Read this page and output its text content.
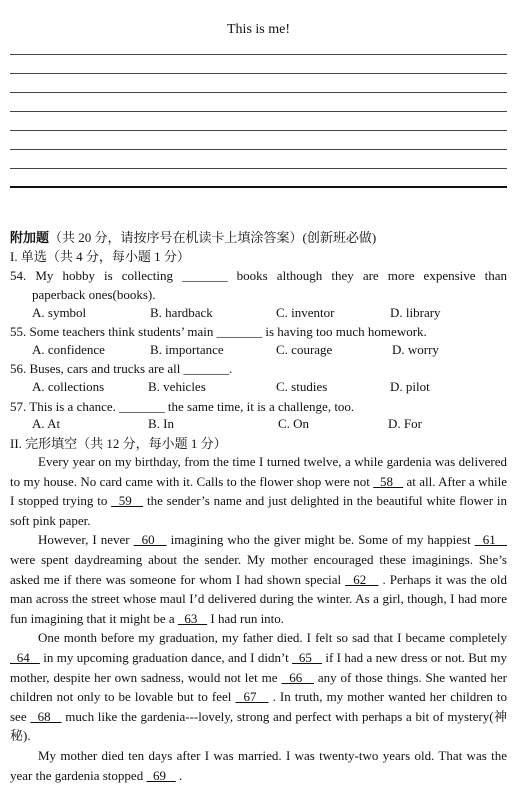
This is me!
附加题（共 20 分，请按序号在机读卡上填涂答案）(创新班必做)
I. 单选（共 4 分，每小题 1 分）
54. My hobby is collecting _______ books although they are more expensive than
paperback ones(books).
A. symbol	B. hardback	C. inventor	D. library
55. Some teachers think students’ main _______ is having too much homework.
A. confidence	B. importance	C. courage	D. worry
56. Buses, cars and trucks are all _______.
A. collections	B. vehicles	C. studies	D. pilot
57. This is a chance. _______ the same time, it is a challenge, too.
A. At	B. In	C. On	D. For
II. 完形填空（共 12 分，每小题 1 分）

Every year on my birthday, from the time I turned twelve, a while gardenia was delivered to my house. No card came with it. Calls to the flower shop were not   58    at all. After a while I stopped trying to   59    the sender’s name and just delighted in the beautiful white flower in soft pink paper.

However, I never   60    imagining who the giver might be. Some of my happiest   61    were spent daydreaming about the sender. My mother encouraged these imaginings. She’s asked me if there was someone for whom I had shown special   62    . Perhaps it was the old man across the street whose maul I’d delivered during the winter. As a girl, though, I had more fun imagining that it might be a   63    I had run into.

One month before my graduation, my father died. I felt so sad that I became completely   64    in my upcoming graduation dance, and I didn’t   65    if I had a new dress or not. But my mother, despite her own sadness, would not let me   66    any of those things. She wanted her children not only to be lovable but to feel   67    . In truth, my mother wanted her children to see   68    much like the gardenia---lovely, strong and perfect with perhaps a bit of mystery(神秘).

My mother died ten days after I was married. I was twenty-two years old. That was the year the gardenia stopped   69    .
